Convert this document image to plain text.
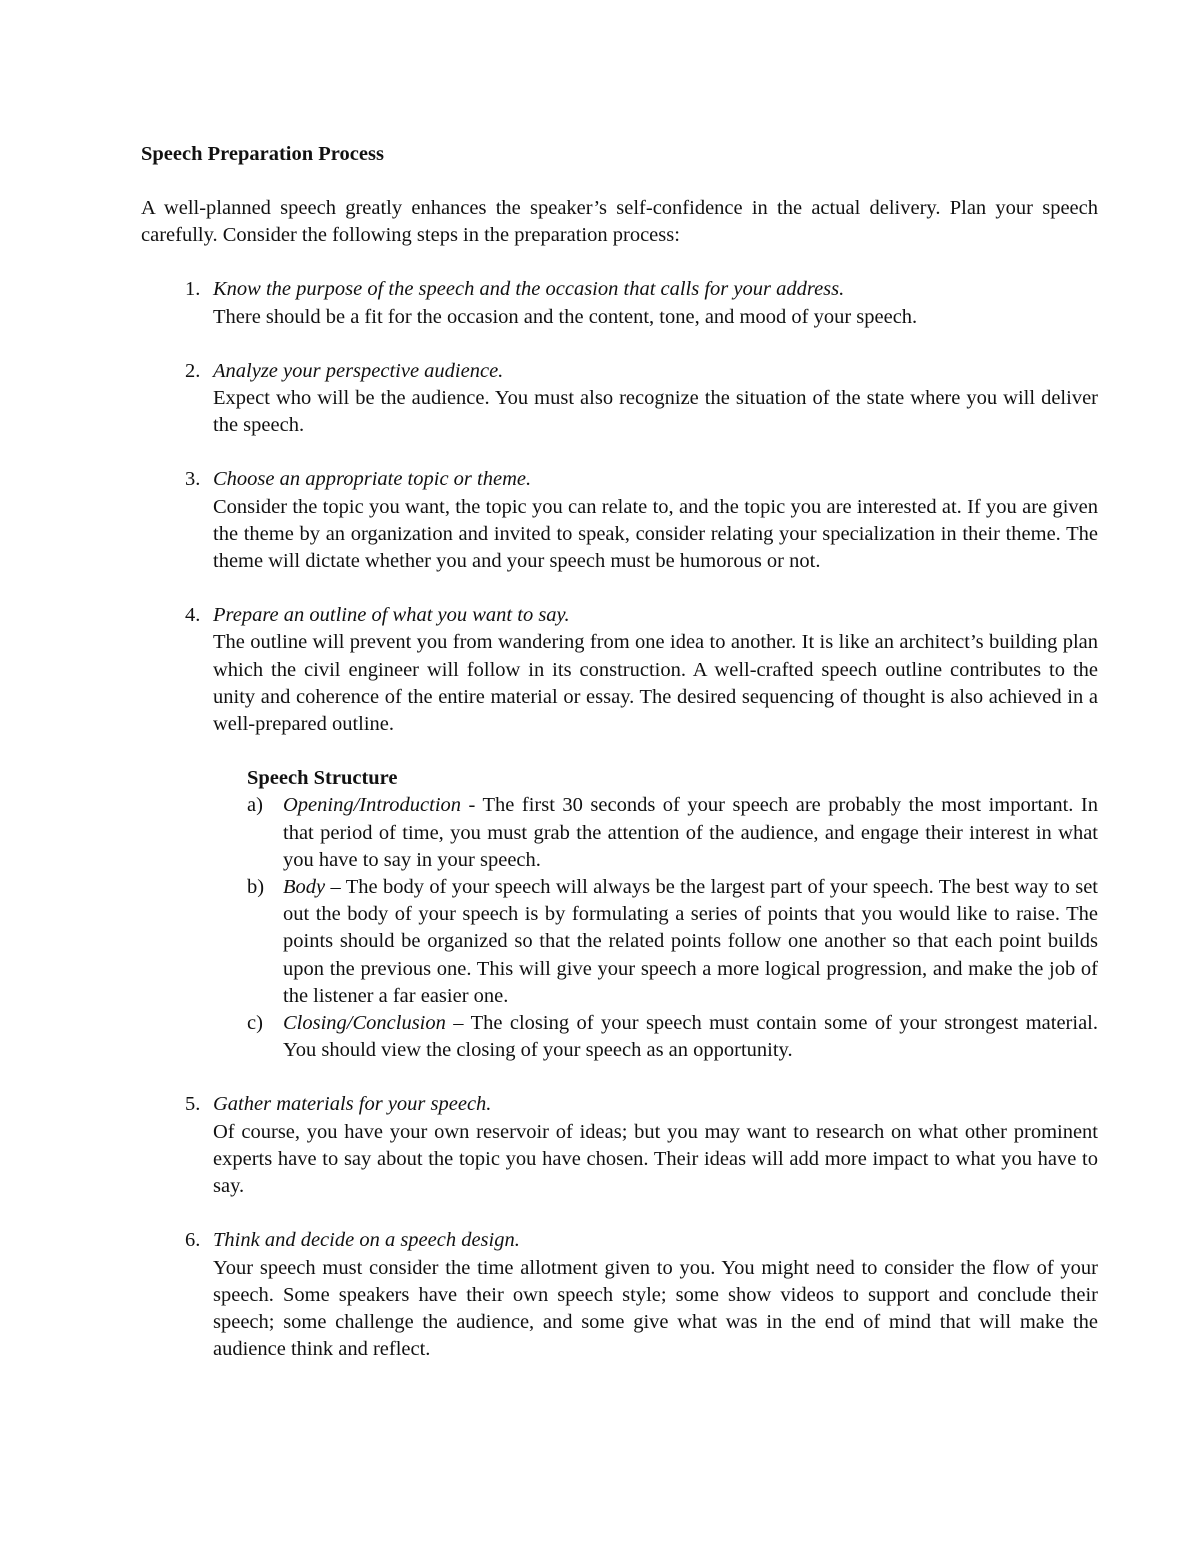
Speech Preparation Process

A well-planned speech greatly enhances the speaker’s self-confidence in the actual delivery. Plan your speech carefully. Consider the following steps in the preparation process:

1. Know the purpose of the speech and the occasion that calls for your address.
There should be a fit for the occasion and the content, tone, and mood of your speech.
2. Analyze your perspective audience.
Expect who will be the audience. You must also recognize the situation of the state where you will deliver the speech.
3. Choose an appropriate topic or theme.
Consider the topic you want, the topic you can relate to, and the topic you are interested at. If you are given the theme by an organization and invited to speak, consider relating your specialization in their theme. The theme will dictate whether you and your speech must be humorous or not.
4. Prepare an outline of what you want to say.
The outline will prevent you from wandering from one idea to another. It is like an architect’s building plan which the civil engineer will follow in its construction. A well-crafted speech outline contributes to the unity and coherence of the entire material or essay. The desired sequencing of thought is also achieved in a well-prepared outline.
Speech Structure
a) Opening/Introduction - The first 30 seconds of your speech are probably the most important. In that period of time, you must grab the attention of the audience, and engage their interest in what you have to say in your speech.
b) Body – The body of your speech will always be the largest part of your speech. The best way to set out the body of your speech is by formulating a series of points that you would like to raise. The points should be organized so that the related points follow one another so that each point builds upon the previous one. This will give your speech a more logical progression, and make the job of the listener a far easier one.
c) Closing/Conclusion – The closing of your speech must contain some of your strongest material. You should view the closing of your speech as an opportunity.
5. Gather materials for your speech.
Of course, you have your own reservoir of ideas; but you may want to research on what other prominent experts have to say about the topic you have chosen. Their ideas will add more impact to what you have to say.
6. Think and decide on a speech design.
Your speech must consider the time allotment given to you. You might need to consider the flow of your speech. Some speakers have their own speech style; some show videos to support and conclude their speech; some challenge the audience, and some give what was in the end of mind that will make the audience think and reflect.
